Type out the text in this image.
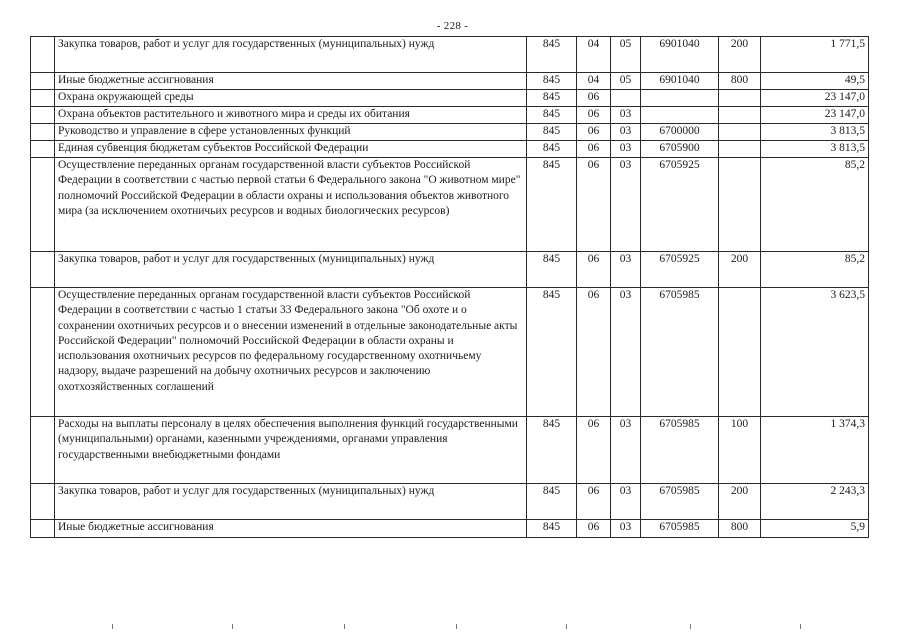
- 228 -
	Закупка товаров, работ и услуг для государственных (муниципальных) нужд	845	04	05	6901040	200	1 771,5
	Иные бюджетные ассигнования	845	04	05	6901040	800	49,5
	Охрана окружающей среды	845	06				23 147,0
	Охрана объектов растительного и животного мира и среды их обитания	845	06	03			23 147,0
	Руководство и управление в сфере установленных функций	845	06	03	6700000		3 813,5
	Единая субвенция бюджетам субъектов Российской Федерации	845	06	03	6705900		3 813,5
	Осуществление переданных органам государственной власти субъектов Российской Федерации в соответствии с частью первой статьи 6 Федерального закона "О животном мире" полномочий Российской Федерации в области охраны и использования объектов животного мира (за исключением охотничьих ресурсов и водных биологических ресурсов)	845	06	03	6705925		85,2
	Закупка товаров, работ и услуг для государственных (муниципальных) нужд	845	06	03	6705925	200	85,2
	Осуществление переданных органам государственной власти субъектов Российской Федерации в соответствии с частью 1 статьи 33 Федерального закона "Об охоте и о сохранении охотничьих ресурсов и о внесении изменений в отдельные законодательные акты Российской Федерации" полномочий Российской Федерации в области охраны и использования охотничьих ресурсов по федеральному государственному охотничьему надзору, выдаче разрешений на добычу охотничьих ресурсов и заключению охотхозяйственных соглашений	845	06	03	6705985		3 623,5
	Расходы на выплаты персоналу в целях обеспечения выполнения функций государственными (муниципальными) органами, казенными учреждениями, органами управления государственными внебюджетными фондами	845	06	03	6705985	100	1 374,3
	Закупка товаров, работ и услуг для государственных (муниципальных) нужд	845	06	03	6705985	200	2 243,3
	Иные бюджетные ассигнования	845	06	03	6705985	800	5,9
